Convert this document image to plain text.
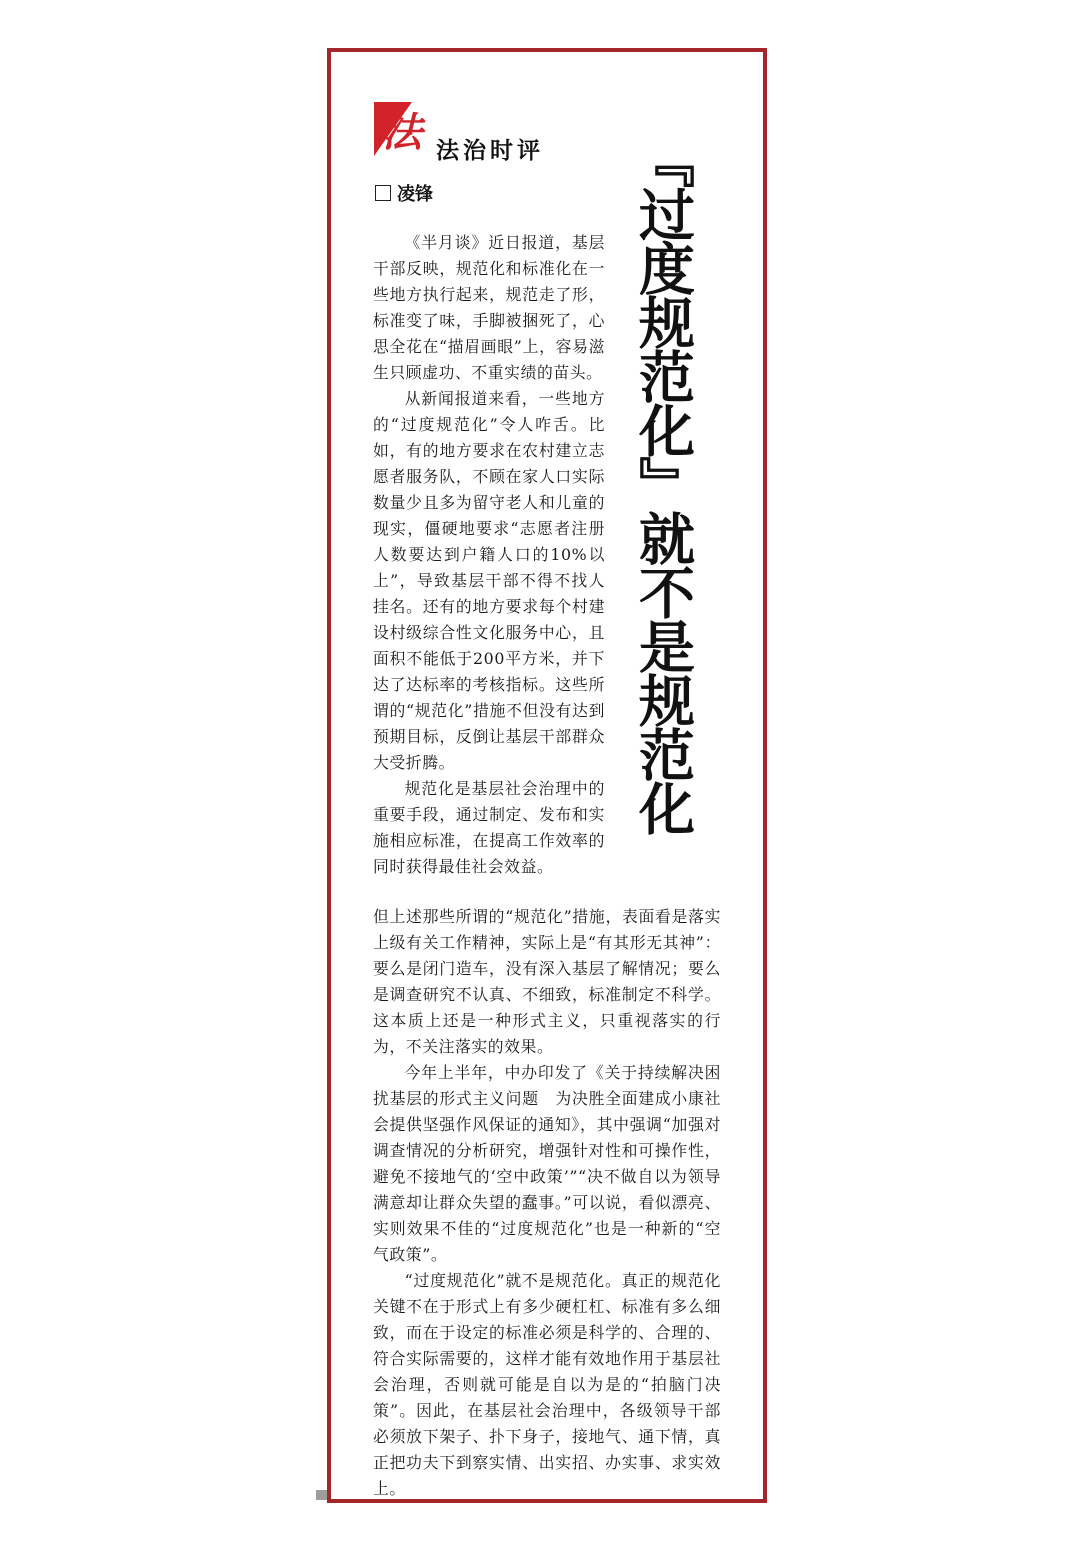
法 法治时评
凌锋	『过度规范化』就不是规范化

《半月谈》近日报道，基层干部反映，规范化和标准化在一些地方执行起来，规范走了形，标准变了味，手脚被捆死了，心思全花在“描眉画眼”上，容易滋生只顾虚功、不重实绩的苗头。

从新闻报道来看，一些地方的“过度规范化”令人咋舌。比如，有的地方要求在农村建立志愿者服务队，不顾在家人口实际数量少且多为留守老人和儿童的现实，僵硬地要求“志愿者注册人数要达到户籍人口的10%以上”，导致基层干部不得不找人挂名。还有的地方要求每个村建设村级综合性文化服务中心，且面积不能低于200平方米，并下达了达标率的考核指标。这些所谓的“规范化”措施不但没有达到预期目标，反倒让基层干部群众大受折腾。

规范化是基层社会治理中的重要手段，通过制定、发布和实施相应标准，在提高工作效率的同时获得最佳社会效益。

但上述那些所谓的“规范化”措施，表面看是落实上级有关工作精神，实际上是“有其形无其神”：要么是闭门造车，没有深入基层了解情况；要么是调查研究不认真、不细致，标准制定不科学。这本质上还是一种形式主义，只重视落实的行为，不关注落实的效果。

今年上半年，中办印发了《关于持续解决困扰基层的形式主义问题　为决胜全面建成小康社会提供坚强作风保证的通知》，其中强调“加强对调查情况的分析研究，增强针对性和可操作性，避免不接地气的‘空中政策’”“决不做自以为领导满意却让群众失望的蠢事。”可以说，看似漂亮、实则效果不佳的“过度规范化”也是一种新的“空气政策”。

“过度规范化”就不是规范化。真正的规范化关键不在于形式上有多少硬杠杠、标准有多么细致，而在于设定的标准必须是科学的、合理的、符合实际需要的，这样才能有效地作用于基层社会治理，否则就可能是自以为是的“拍脑门决策”。因此，在基层社会治理中，各级领导干部必须放下架子、扑下身子，接地气、通下情，真正把功夫下到察实情、出实招、办实事、求实效上。
